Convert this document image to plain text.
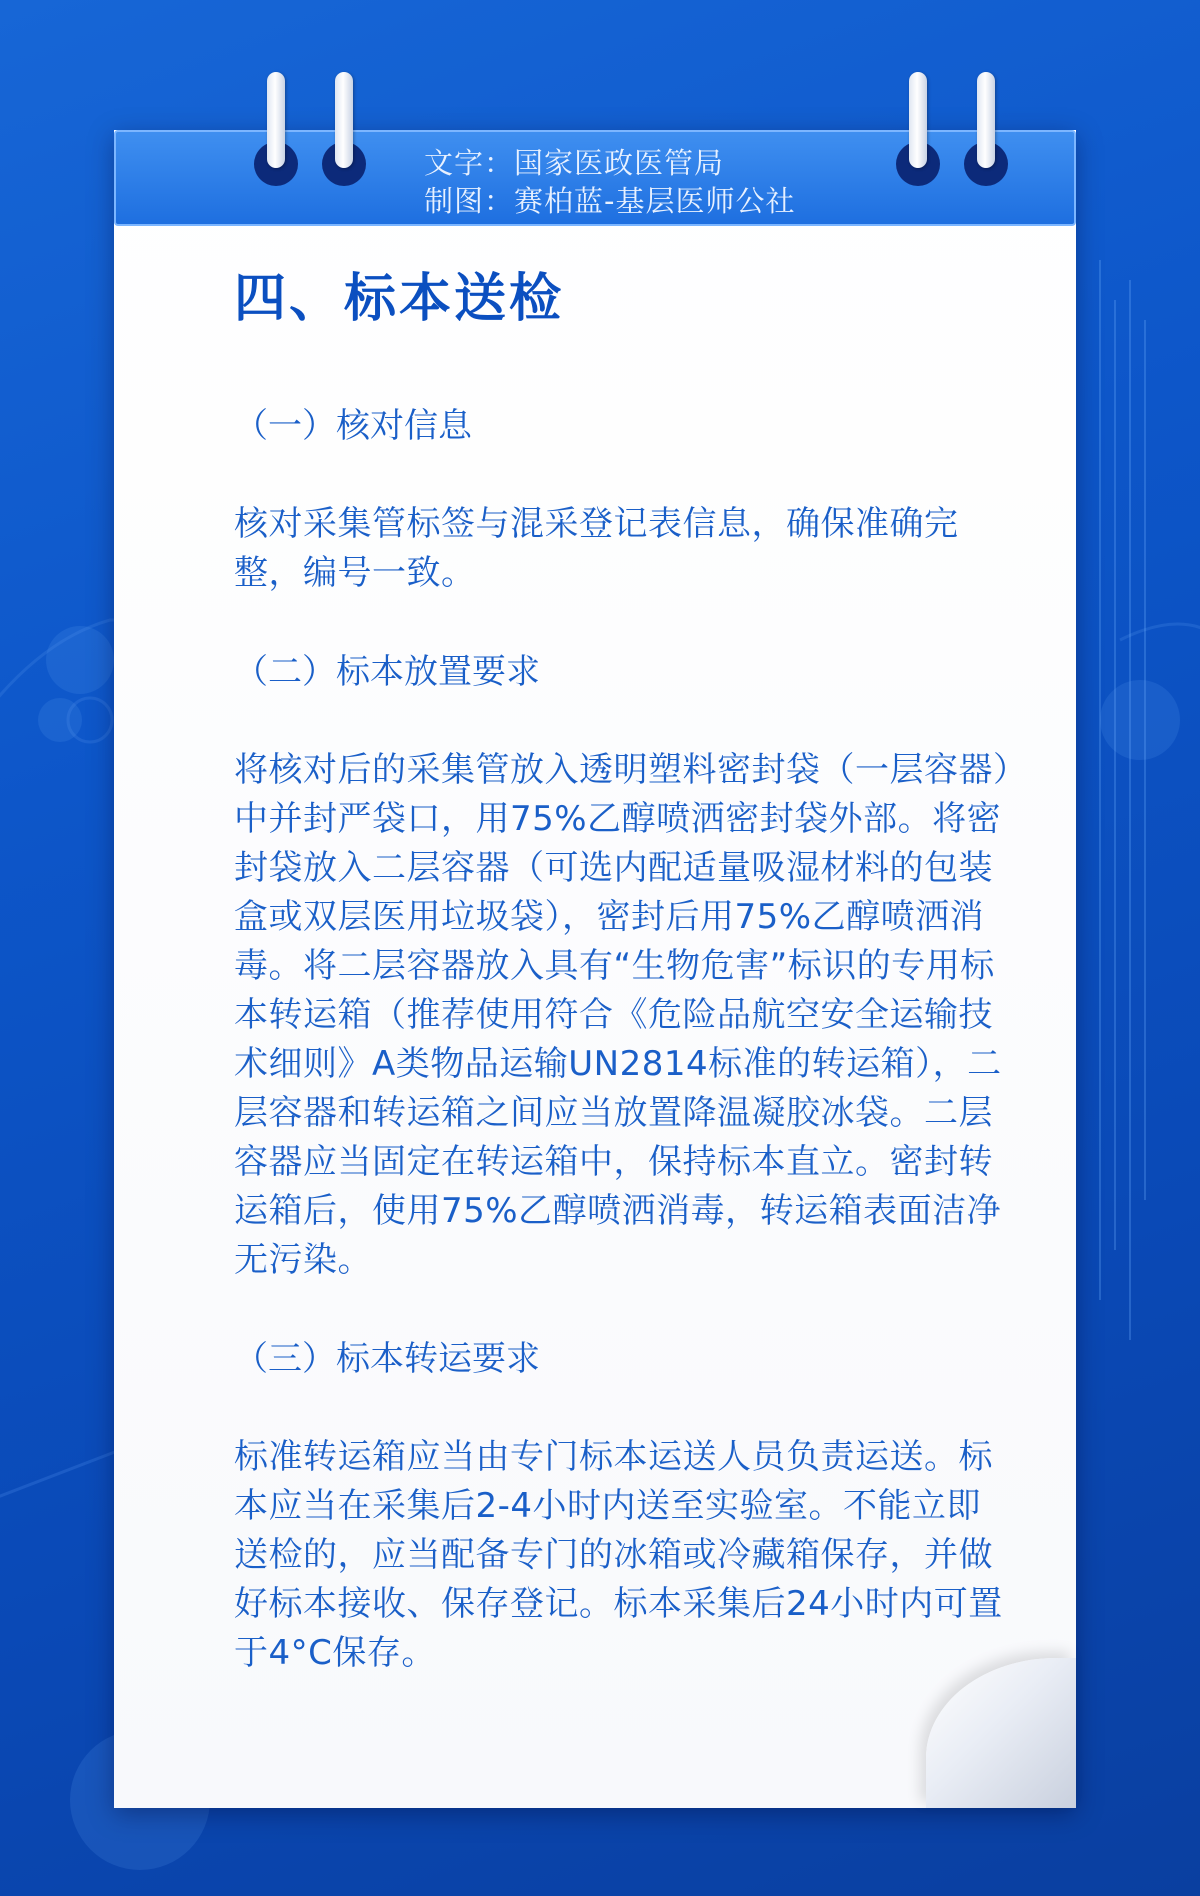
文字：国家医政医管局
制图：赛柏蓝-基层医师公社
四、标本送检
（一）核对信息

核对采集管标签与混采登记表信息，确保准确完整，编号一致。

（二）标本放置要求

将核对后的采集管放入透明塑料密封袋（一层容器）中并封严袋口，用75%乙醇喷洒密封袋外部。将密封袋放入二层容器（可选内配适量吸湿材料的包装盒或双层医用垃圾袋），密封后用75%乙醇喷洒消毒。将二层容器放入具有“生物危害”标识的专用标本转运箱（推荐使用符合《危险品航空安全运输技术细则》A类物品运输UN2814标准的转运箱），二层容器和转运箱之间应当放置降温凝胶冰袋。二层容器应当固定在转运箱中，保持标本直立。密封转运箱后，使用75%乙醇喷洒消毒，转运箱表面洁净无污染。

（三）标本转运要求

标准转运箱应当由专门标本运送人员负责运送。标本应当在采集后2-4小时内送至实验室。不能立即送检的，应当配备专门的冰箱或冷藏箱保存，并做好标本接收、保存登记。标本采集后24小时内可置于4°C保存。
